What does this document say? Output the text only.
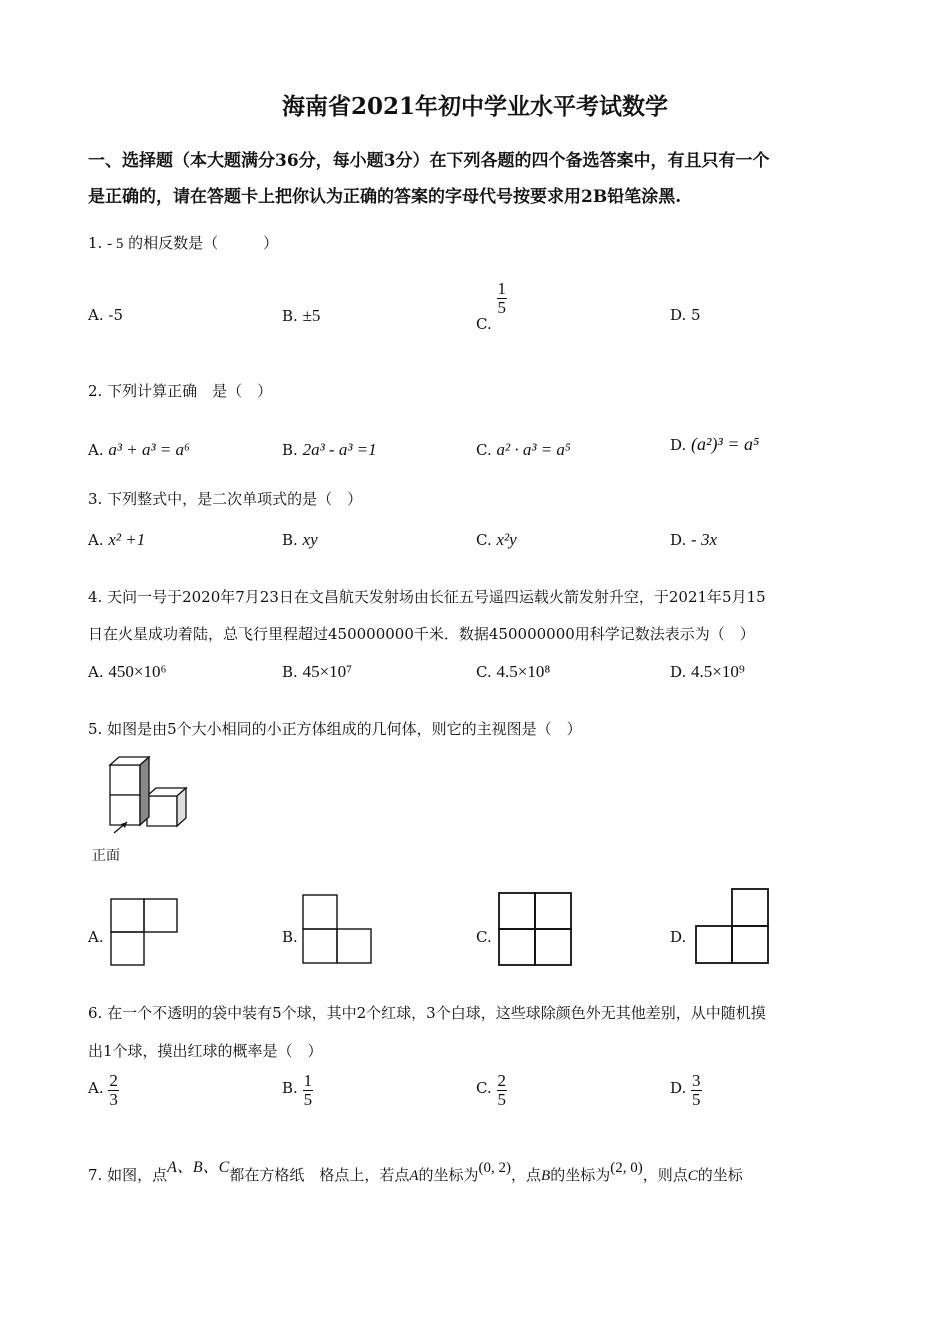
海南省2021年初中学业水平考试数学
一、选择题（本大题满分36分，每小题3分）在下列各题的四个备选答案中，有且只有一个
是正确的，请在答题卡上把你认为正确的答案的字母代号按要求用2B铅笔涂黑.
1. - 5 的相反数是（　　　）
A. -5	B. ±5	C.
$\frac{1}{5}$	D. 5
2. 下列计算正确　是（　）
A. a³ + a³ = a⁶	B. 2a³ - a³ =1	C. a² · a³ = a⁵	D. (a²)³ = a⁵
3. 下列整式中，是二次单项式的是（　）
A. x² +1	B. xy	C. x²y	D. - 3x
4. 天问一号于2020年7月23日在文昌航天发射场由长征五号遥四运载火箭发射升空，于2021年5月15
日在火星成功着陆，总飞行里程超过450000000千米．数据450000000用科学记数法表示为（　）
A. 450×10⁶	B. 45×10⁷	C. 4.5×10⁸	D. 4.5×10⁹
5. 如图是由5个大小相同的小正方体组成的几何体，则它的主视图是（　）
正面
A.	B.	C.	D.
6. 在一个不透明的袋中装有5个球，其中2个红球，3个白球，这些球除颜色外无其他差别，从中随机摸
出1个球，摸出红球的概率是（　）
A. $\frac{2}{3}$	B. $\frac{1}{5}$	C. $\frac{2}{5}$	D. $\frac{3}{5}$
7. 如图，点A、B、C都在方格纸　格点上，若点A的坐标为(0, 2)，点B的坐标为(2, 0)，则点C的坐标
